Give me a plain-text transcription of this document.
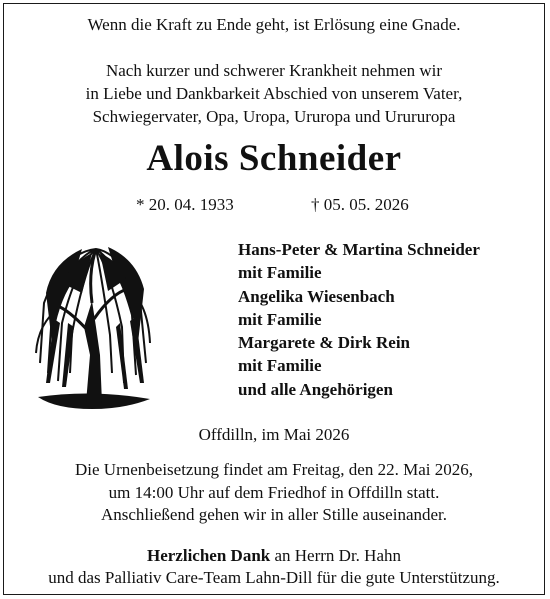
Wenn die Kraft zu Ende geht, ist Erlösung eine Gnade.
Nach kurzer und schwerer Krankheit nehmen wir
in Liebe und Dankbarkeit Abschied von unserem Vater,
Schwiegervater, Opa, Uropa, Ururopa und Urururopa
Alois Schneider
* 20. 04. 1933	† 05. 05. 2026
Hans-Peter & Martina Schneider
mit Familie
Angelika Wiesenbach
mit Familie
Margarete & Dirk Rein
mit Familie
und alle Angehörigen
Offdilln, im Mai 2026
Die Urnenbeisetzung findet am Freitag, den 22. Mai 2026,
um 14:00 Uhr auf dem Friedhof in Offdilln statt.
Anschließend gehen wir in aller Stille auseinander.
Herzlichen Dank an Herrn Dr. Hahn
und das Palliativ Care-Team Lahn-Dill für die gute Unterstützung.
